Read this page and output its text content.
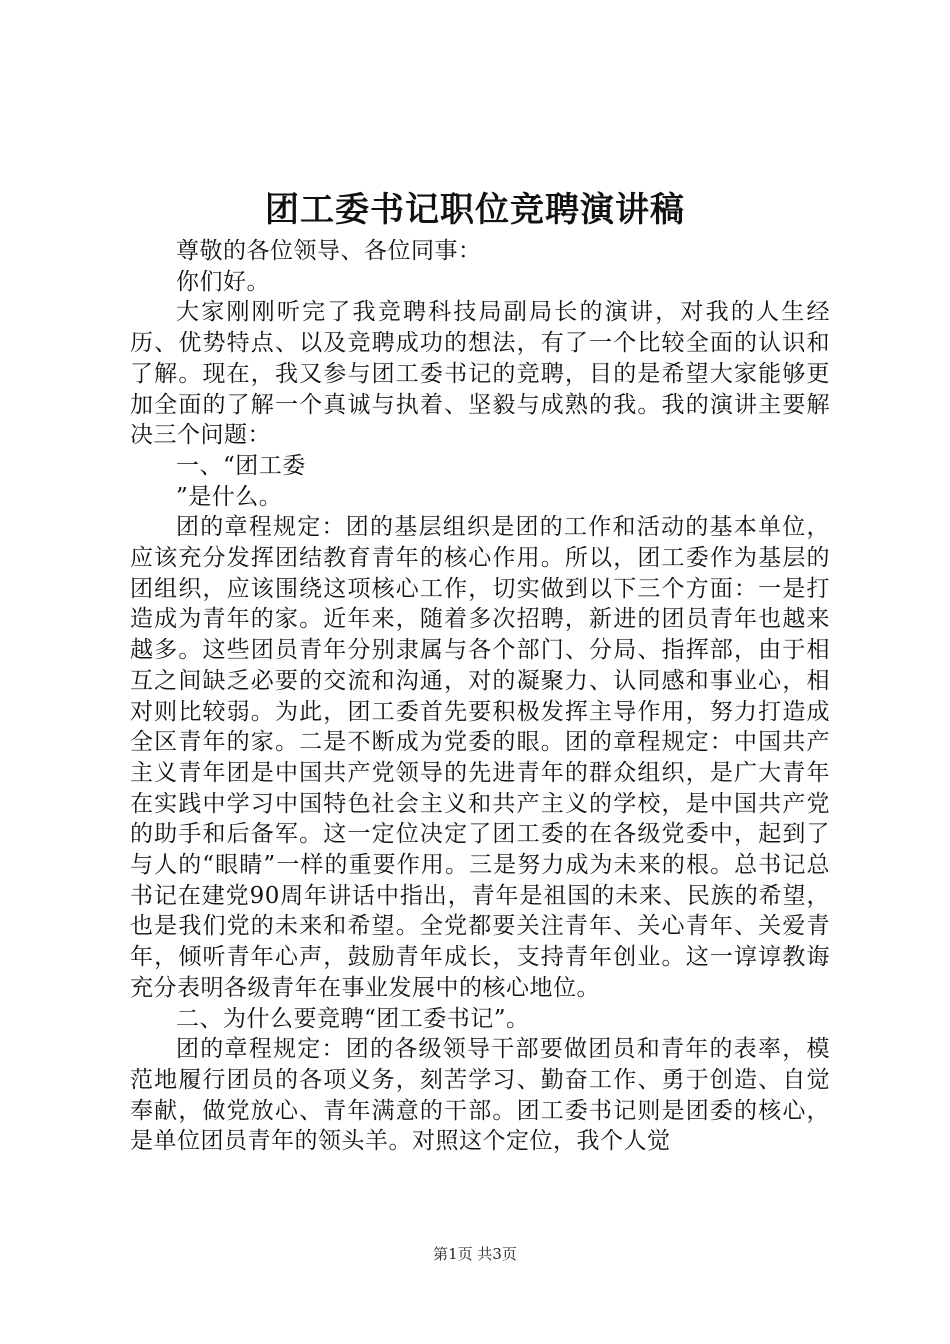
团工委书记职位竞聘演讲稿

尊敬的各位领导、各位同事：

你们好。

大家刚刚听完了我竞聘科技局副局长的演讲，对我的人生经历、优势特点、以及竞聘成功的想法，有了一个比较全面的认识和了解。现在，我又参与团工委书记的竞聘，目的是希望大家能够更加全面的了解一个真诚与执着、坚毅与成熟的我。我的演讲主要解决三个问题：

一、“团工委

”是什么。

团的章程规定：团的基层组织是团的工作和活动的基本单位，应该充分发挥团结教育青年的核心作用。所以，团工委作为基层的团组织，应该围绕这项核心工作，切实做到以下三个方面：一是打造成为青年的家。近年来，随着多次招聘，新进的团员青年也越来越多。这些团员青年分别隶属与各个部门、分局、指挥部，由于相互之间缺乏必要的交流和沟通，对的凝聚力、认同感和事业心，相对则比较弱。为此，团工委首先要积极发挥主导作用，努力打造成全区青年的家。二是不断成为党委的眼。团的章程规定：中国共产主义青年团是中国共产党领导的先进青年的群众组织，是广大青年在实践中学习中国特色社会主义和共产主义的学校，是中国共产党的助手和后备军。这一定位决定了团工委的在各级党委中，起到了与人的“眼睛”一样的重要作用。三是努力成为未来的根。总书记总书记在建党90周年讲话中指出，青年是祖国的未来、民族的希望，也是我们党的未来和希望。全党都要关注青年、关心青年、关爱青年，倾听青年心声，鼓励青年成长，支持青年创业。这一谆谆教诲充分表明各级青年在事业发展中的核心地位。

二、为什么要竞聘“团工委书记”。

团的章程规定：团的各级领导干部要做团员和青年的表率，模范地履行团员的各项义务，刻苦学习、勤奋工作、勇于创造、自觉奉献，做党放心、青年满意的干部。团工委书记则是团委的核心，是单位团员青年的领头羊。对照这个定位，我个人觉

第1页 共3页
